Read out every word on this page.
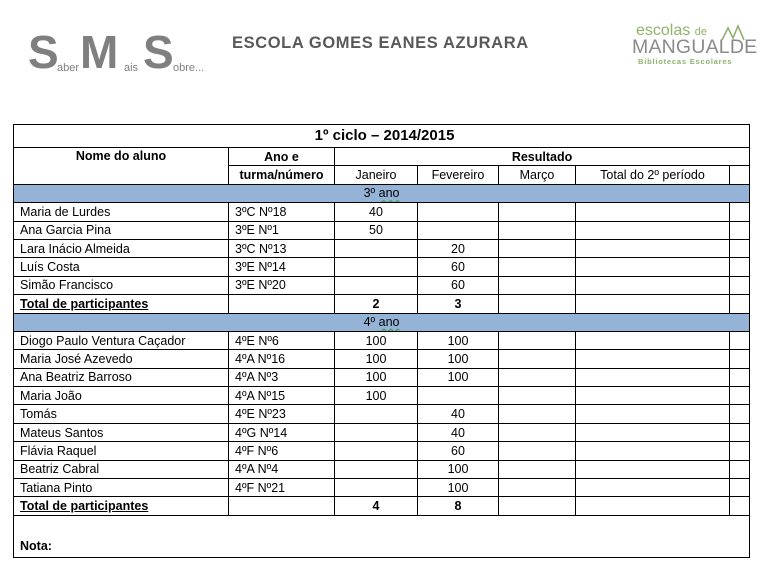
S
aber M ais S obre...
ESCOLA GOMES EANES AZURARA
escolas de
MANGUALDE
Bibliotecas Escolares
1º ciclo – 2014/2015						
Nome do aluno	Ano e	Resultado				
	turma/número	Janeiro	Fevereiro	Março	Total do 2º período	
3º ano						
Maria de Lurdes	3ºC Nº18	40				
Ana Garcia Pina	3ºE Nº1	50				
Lara Inácio Almeida	3ºC Nº13		20			
Luís Costa	3ºE Nº14		60			
Simão Francisco	3ºE Nº20		60			
Total de participantes		2	3			
4º ano						
Diogo Paulo Ventura Caçador	4ºE Nº6	100	100			
Maria José Azevedo	4ºA Nº16	100	100			
Ana Beatriz Barroso	4ºA Nº3	100	100			
Maria João	4ºA Nº15	100				
Tomás	4ºE Nº23		40			
Mateus Santos	4ºG Nº14		40			
Flávia Raquel	4ºF Nº6		60			
Beatriz Cabral	4ºA Nº4		100			
Tatiana Pinto	4ºF Nº21		100			
Total de participantes		4	8			
Nota:						
